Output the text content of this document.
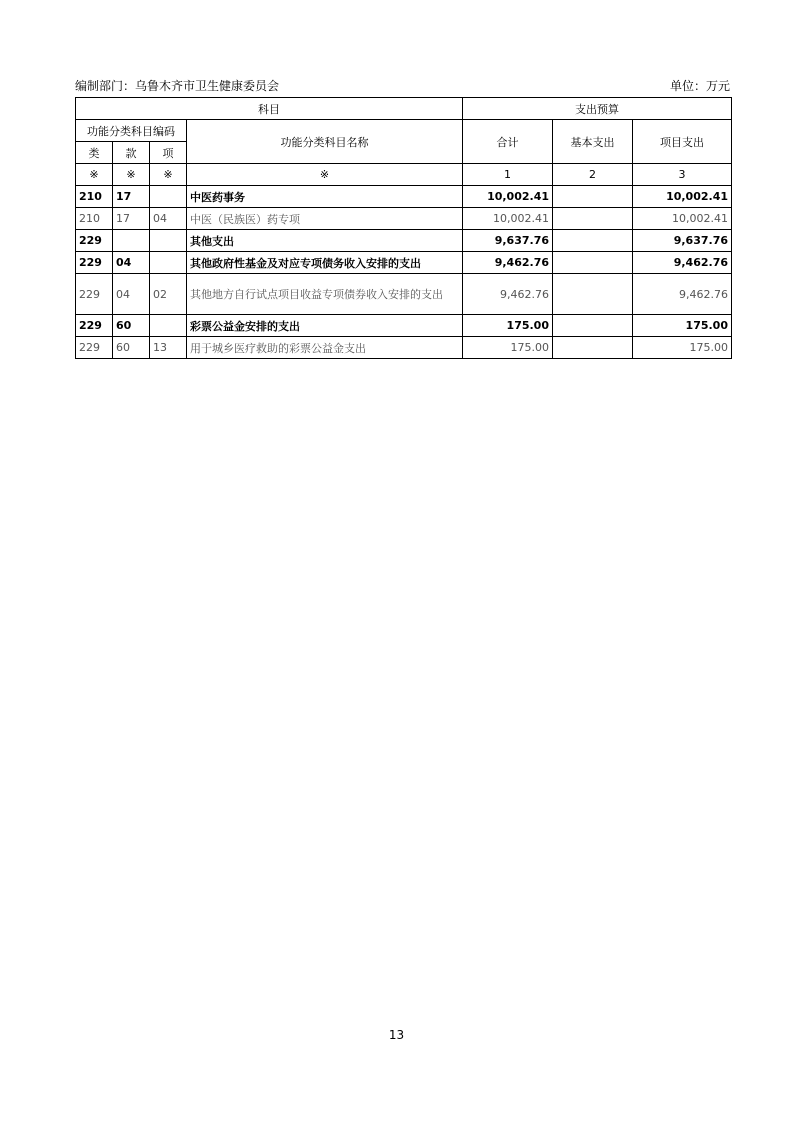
编制部门：乌鲁木齐市卫生健康委员会	单位：万元
科目				支出预算		
功能分类科目编码			功能分类科目名称	合计	基本支出	项目支出
类	款	项				
※	※	※	※	1	2	3
210	17		中医药事务	10,002.41		10,002.41
210	17	04	中医（民族医）药专项	10,002.41		10,002.41
229			其他支出	9,637.76		9,637.76
229	04		其他政府性基金及对应专项债务收入安排的支出	9,462.76		9,462.76
229	04	02	其他地方自行试点项目收益专项债券收入安排的支出	9,462.76		9,462.76
229	60		彩票公益金安排的支出	175.00		175.00
229	60	13	用于城乡医疗救助的彩票公益金支出	175.00		175.00
13
